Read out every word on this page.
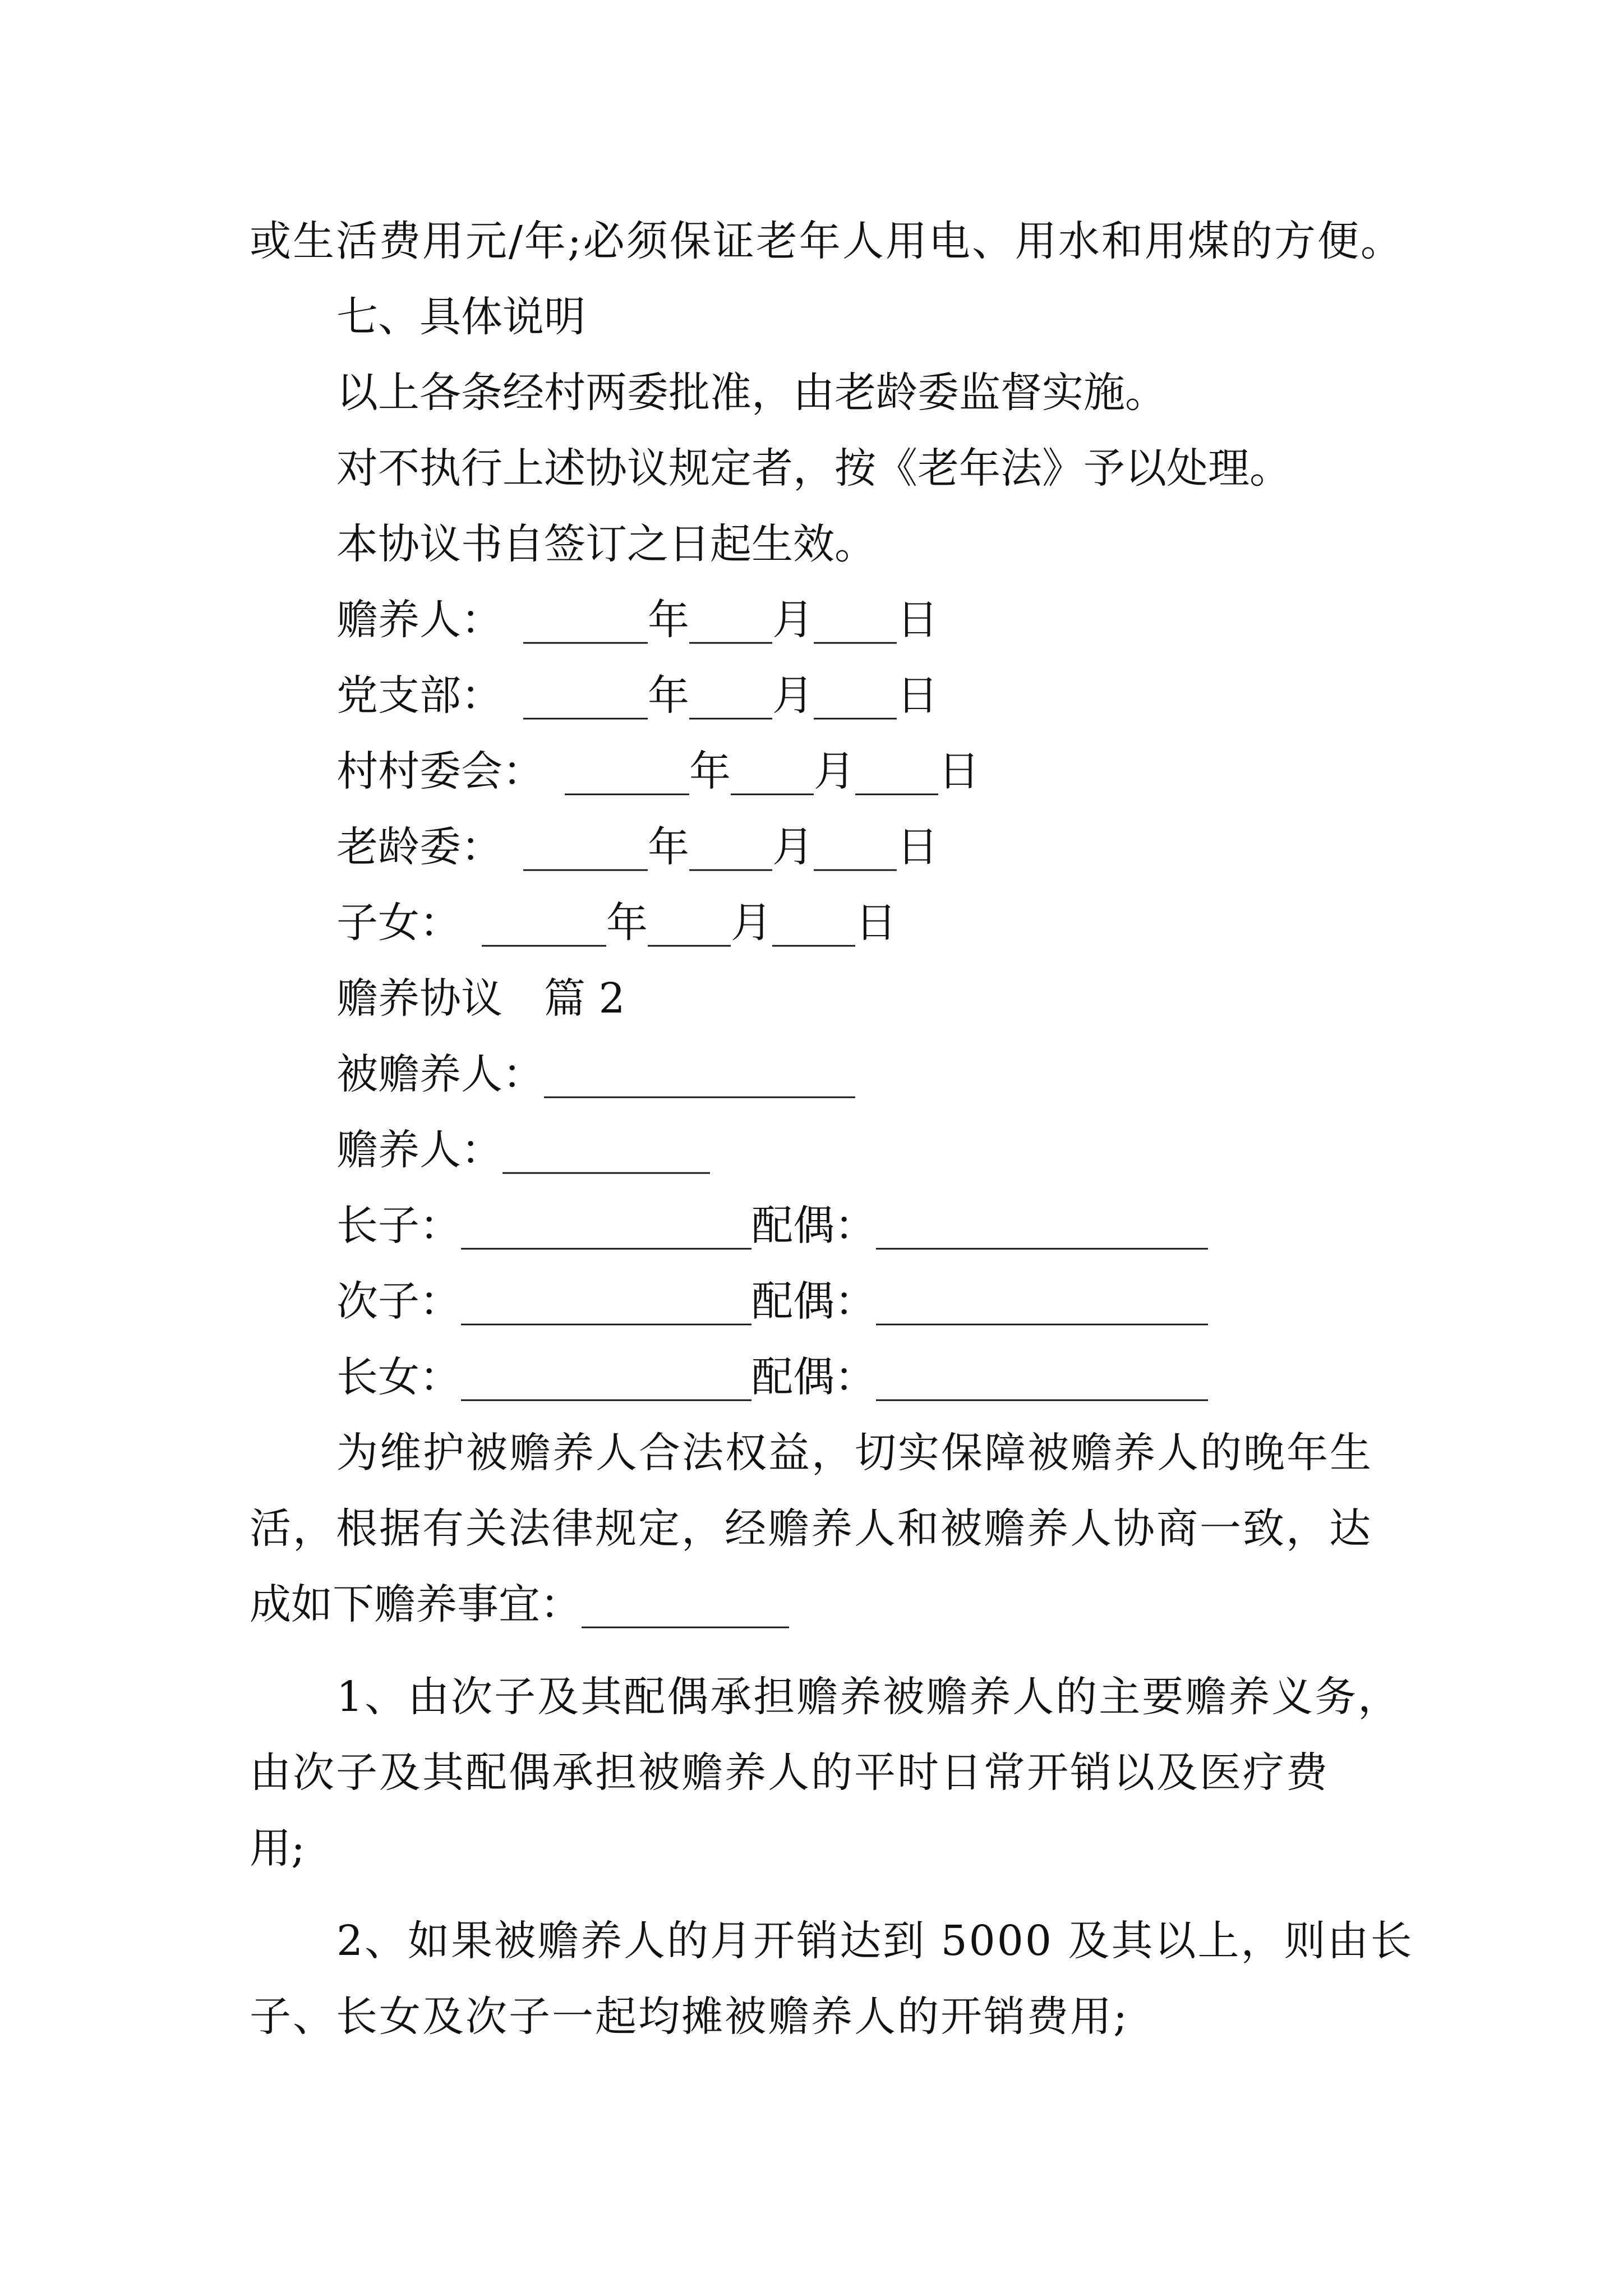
或生活费用元/年;必须保证老年人用电、用水和用煤的方便。
七、具体说明
以上各条经村两委批准，由老龄委监督实施。
对不执行上述协议规定者，按《老年法》予以处理。
本协议书自签订之日起生效。
赡养人：　______年____月____日
党支部：　______年____月____日
村村委会：　______年____月____日
老龄委：　______年____月____日
子女：　______年____月____日
赡养协议　篇 2
被赡养人：_______________
赡养人：__________
长子：______________配偶：________________
次子：______________配偶：________________
长女：______________配偶：________________
为维护被赡养人合法权益，切实保障被赡养人的晚年生
活，根据有关法律规定，经赡养人和被赡养人协商一致，达
成如下赡养事宜：__________
1、由次子及其配偶承担赡养被赡养人的主要赡养义务，
由次子及其配偶承担被赡养人的平时日常开销以及医疗费
用;
2、如果被赡养人的月开销达到 5000 及其以上，则由长
子、长女及次子一起均摊被赡养人的开销费用;
